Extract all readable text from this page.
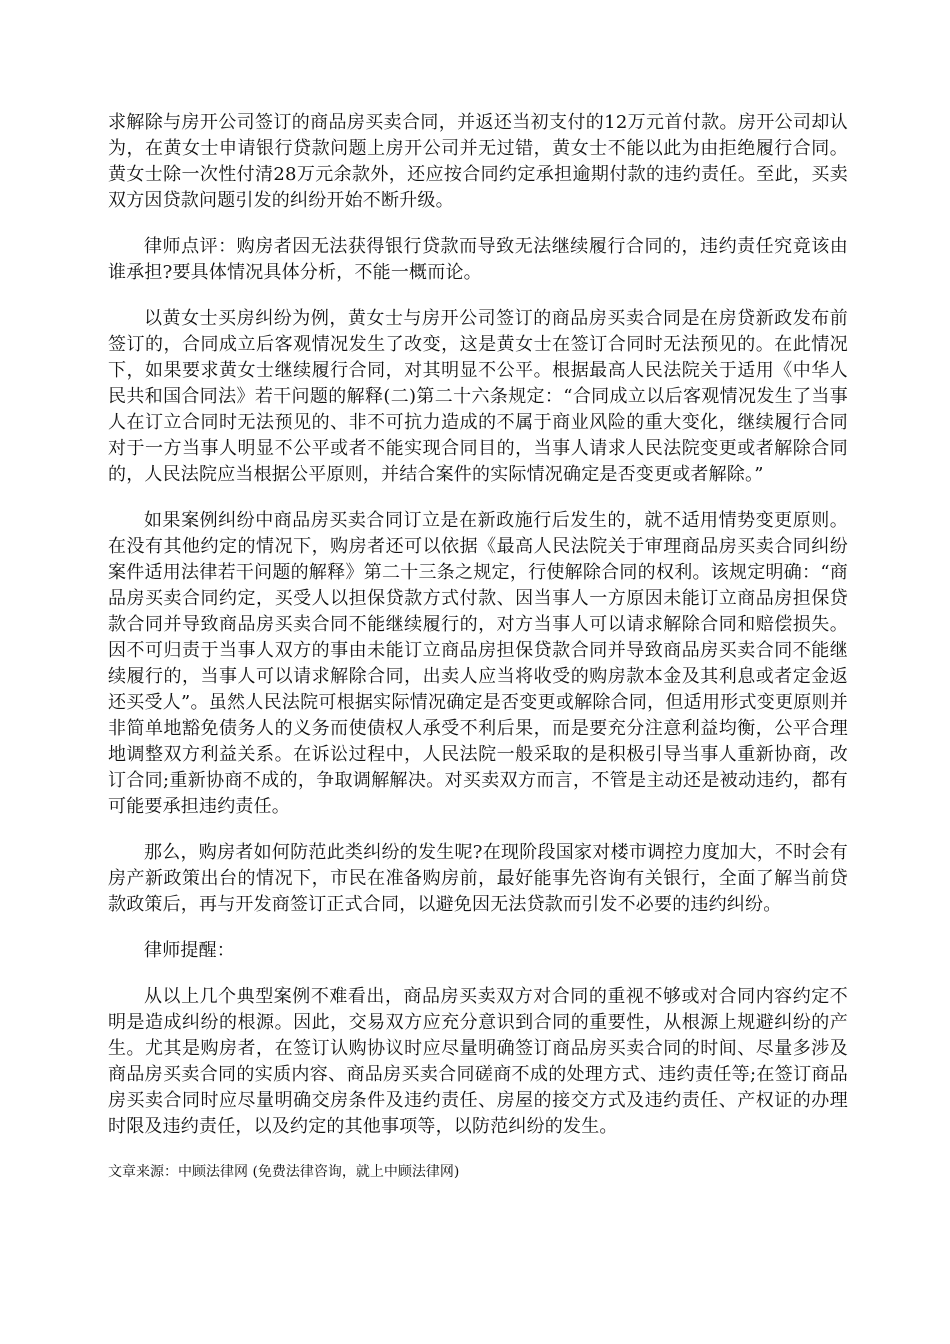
求解除与房开公司签订的商品房买卖合同，并返还当初支付的12万元首付款。房开公司却认为，在黄女士申请银行贷款问题上房开公司并无过错，黄女士不能以此为由拒绝履行合同。黄女士除一次性付清28万元余款外，还应按合同约定承担逾期付款的违约责任。至此，买卖双方因贷款问题引发的纠纷开始不断升级。

律师点评：购房者因无法获得银行贷款而导致无法继续履行合同的，违约责任究竟该由谁承担?要具体情况具体分析，不能一概而论。

以黄女士买房纠纷为例，黄女士与房开公司签订的商品房买卖合同是在房贷新政发布前签订的，合同成立后客观情况发生了改变，这是黄女士在签订合同时无法预见的。在此情况下，如果要求黄女士继续履行合同，对其明显不公平。根据最高人民法院关于适用《中华人民共和国合同法》若干问题的解释(二)第二十六条规定：“合同成立以后客观情况发生了当事人在订立合同时无法预见的、非不可抗力造成的不属于商业风险的重大变化，继续履行合同对于一方当事人明显不公平或者不能实现合同目的，当事人请求人民法院变更或者解除合同的，人民法院应当根据公平原则，并结合案件的实际情况确定是否变更或者解除。”

如果案例纠纷中商品房买卖合同订立是在新政施行后发生的，就不适用情势变更原则。在没有其他约定的情况下，购房者还可以依据《最高人民法院关于审理商品房买卖合同纠纷案件适用法律若干问题的解释》第二十三条之规定，行使解除合同的权利。该规定明确：“商品房买卖合同约定，买受人以担保贷款方式付款、因当事人一方原因未能订立商品房担保贷款合同并导致商品房买卖合同不能继续履行的，对方当事人可以请求解除合同和赔偿损失。因不可归责于当事人双方的事由未能订立商品房担保贷款合同并导致商品房买卖合同不能继续履行的，当事人可以请求解除合同，出卖人应当将收受的购房款本金及其利息或者定金返还买受人”。虽然人民法院可根据实际情况确定是否变更或解除合同，但适用形式变更原则并非简单地豁免债务人的义务而使债权人承受不利后果，而是要充分注意利益均衡，公平合理地调整双方利益关系。在诉讼过程中，人民法院一般采取的是积极引导当事人重新协商，改订合同;重新协商不成的，争取调解解决。对买卖双方而言，不管是主动还是被动违约，都有可能要承担违约责任。

那么，购房者如何防范此类纠纷的发生呢?在现阶段国家对楼市调控力度加大，不时会有房产新政策出台的情况下，市民在准备购房前，最好能事先咨询有关银行，全面了解当前贷款政策后，再与开发商签订正式合同，以避免因无法贷款而引发不必要的违约纠纷。

律师提醒：

从以上几个典型案例不难看出，商品房买卖双方对合同的重视不够或对合同内容约定不明是造成纠纷的根源。因此，交易双方应充分意识到合同的重要性，从根源上规避纠纷的产生。尤其是购房者，在签订认购协议时应尽量明确签订商品房买卖合同的时间、尽量多涉及商品房买卖合同的实质内容、商品房买卖合同磋商不成的处理方式、违约责任等;在签订商品房买卖合同时应尽量明确交房条件及违约责任、房屋的接交方式及违约责任、产权证的办理时限及违约责任，以及约定的其他事项等，以防范纠纷的发生。

文章来源：中顾法律网 (免费法律咨询，就上中顾法律网)
